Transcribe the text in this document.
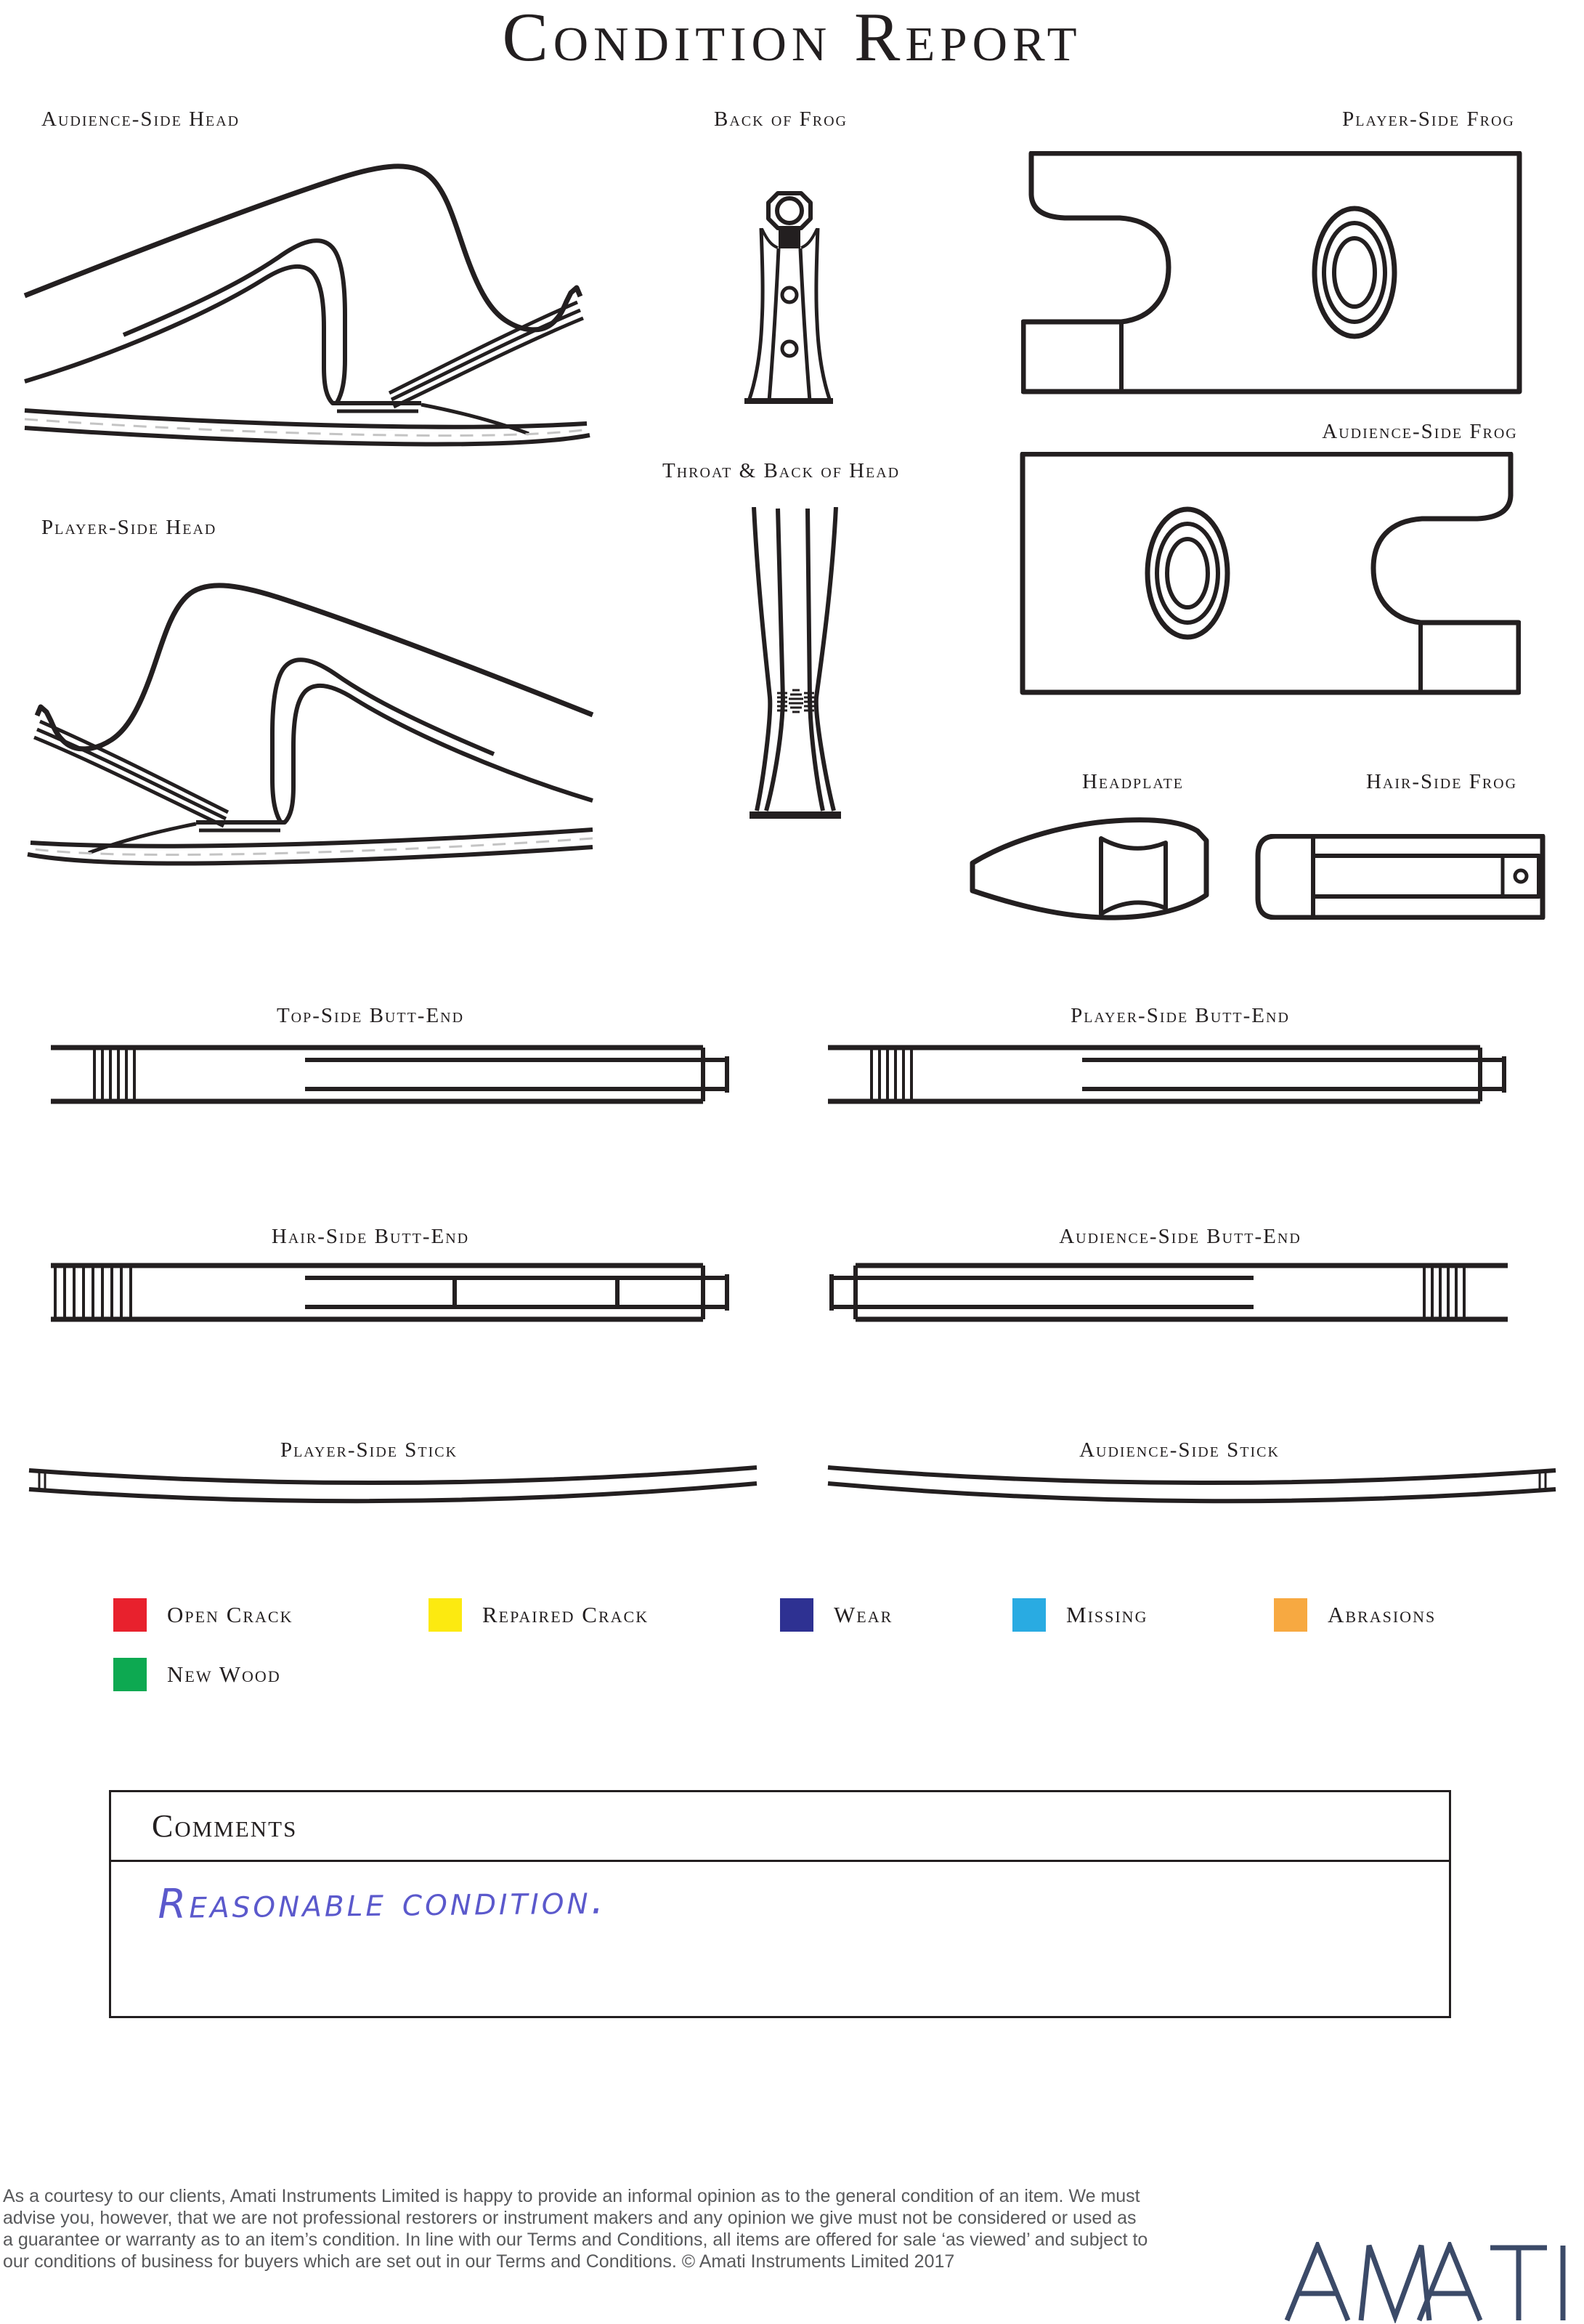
Condition Report
Audience-Side Head	Back of Frog	Player-Side Frog
Audience-Side Frog
Player-Side Head
Throat & Back of Head
Headplate	Hair-Side Frog
Top-Side Butt-End	Player-Side Butt-End
Hair-Side Butt-End	Audience-Side Butt-End
Player-Side Stick	Audience-Side Stick
Open Crack	Repaired Crack	Wear	Missing	Abrasions
New Wood
Comments
Reasonable condition.
As a courtesy to our clients, Amati Instruments Limited is happy to provide an informal opinion as to the general condition of an item. We must
advise you, however, that we are not professional restorers or instrument makers and any opinion we give must not be considered or used as
a guarantee or warranty as to an item’s condition. In line with our Terms and Conditions, all items are offered for sale ‘as viewed’ and subject to
our conditions of business for buyers which are set out in our Terms and Conditions. © Amati Instruments Limited 2017
